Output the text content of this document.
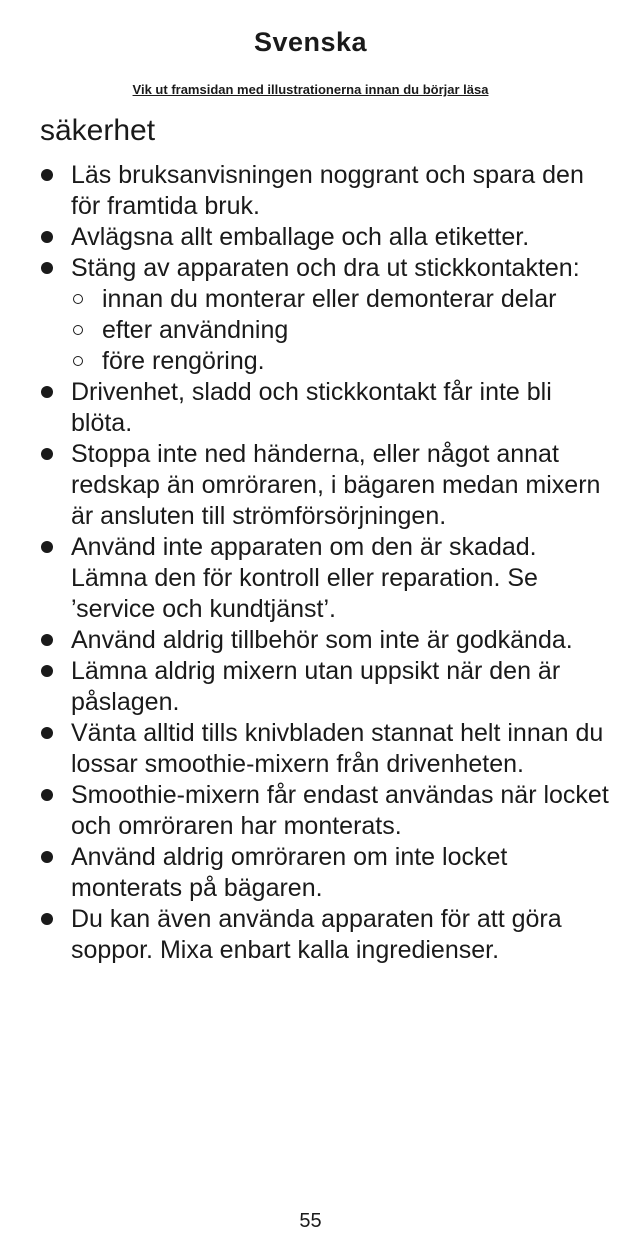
Svenska
Vik ut framsidan med illustrationerna innan du börjar läsa
säkerhet
Läs bruksanvisningen noggrant och spara den för framtida bruk.
Avlägsna allt emballage och alla etiketter.
Stäng av apparaten och dra ut stickkontakten:
innan du monterar eller demonterar delar
efter användning
före rengöring.
Drivenhet, sladd och stickkontakt får inte bli blöta.
Stoppa inte ned händerna, eller något annat redskap än omröraren, i bägaren medan mixern är ansluten till strömförsörjningen.
Använd inte apparaten om den är skadad. Lämna den för kontroll eller reparation. Se ’service och kundtjänst’.
Använd aldrig tillbehör som inte är godkända.
Lämna aldrig mixern utan uppsikt när den är påslagen.
Vänta alltid tills knivbladen stannat helt innan du lossar smoothie-mixern från drivenheten.
Smoothie-mixern får endast användas när locket och omröraren har monterats.
Använd aldrig omröraren om inte locket monterats på bägaren.
Du kan även använda apparaten för att göra soppor. Mixa enbart kalla ingredienser.
55
